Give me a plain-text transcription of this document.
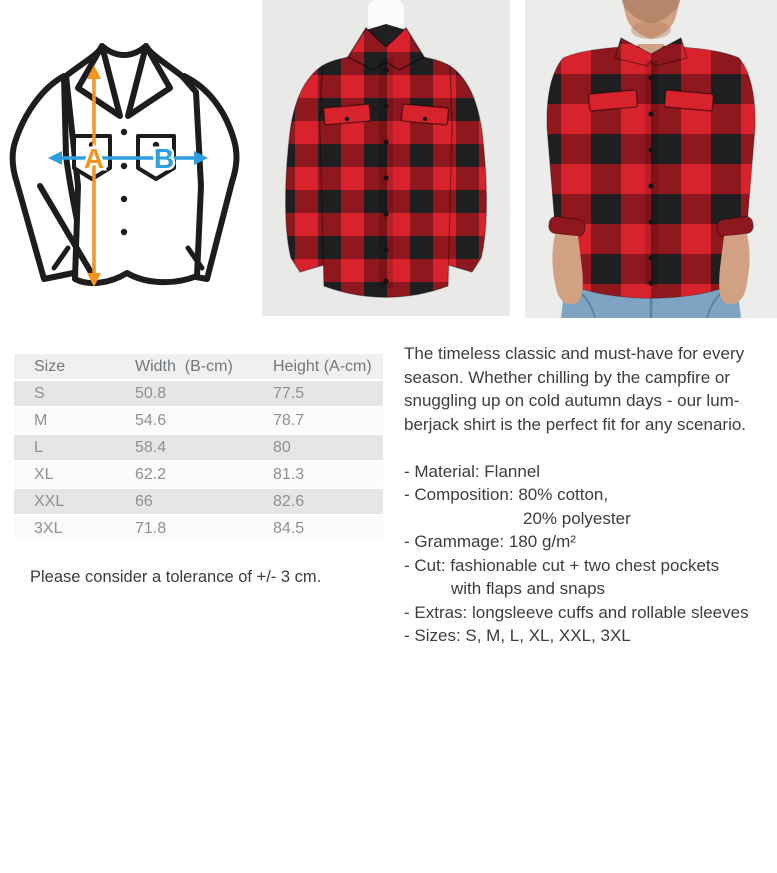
A B
Size	Width  (B-cm)	Height (A-cm)
S	50.8	77.5
M	54.6	78.7
L	58.4	80
XL	62.2	81.3
XXL	66	82.6
3XL	71.8	84.5

Please consider a tolerance of +/- 3 cm.

The timeless classic and must-have for every
season. Whether chilling by the campfire or
snuggling up on cold autumn days - our lum-
berjack shirt is the perfect fit for any scenario.
- Material: Flannel
- Composition: 80% cotton,
20% polyester
- Grammage: 180 g/m²
- Cut: fashionable cut + two chest pockets
with flaps and snaps
- Extras: longsleeve cuffs and rollable sleeves
- Sizes: S, M, L, XL, XXL, 3XL
